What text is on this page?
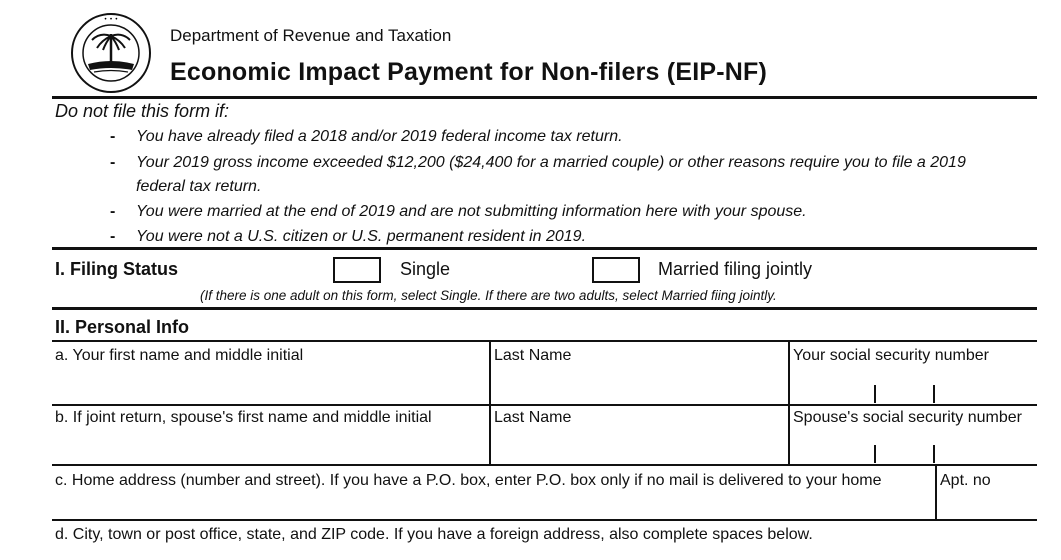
• • •
Department of Revenue and Taxation
Economic Impact Payment for Non-filers (EIP-NF)
Do not file this form if:
- You have already filed a 2018 and/or 2019 federal income tax return.
- Your 2019 gross income exceeded $12,200 ($24,400 for a married couple) or other reasons require you to file a 2019
federal tax return.
- You were married at the end of 2019 and are not submitting information here with your spouse.
- You were not a U.S. citizen or U.S. permanent resident in 2019.
I. Filing Status	Single	Married filing jointly
(If there is one adult on this form, select Single. If there are two adults, select Married fiing jointly.
II. Personal Info
a. Your first name and middle initial	Last Name	Your social security number
b. If joint return, spouse's first name and middle initial	Last Name	Spouse's social security number
c. Home address (number and street). If you have a P.O. box, enter P.O. box only if no mail is delivered to your home	Apt. no
d. City, town or post office, state, and ZIP code. If you have a foreign address, also complete spaces below.
